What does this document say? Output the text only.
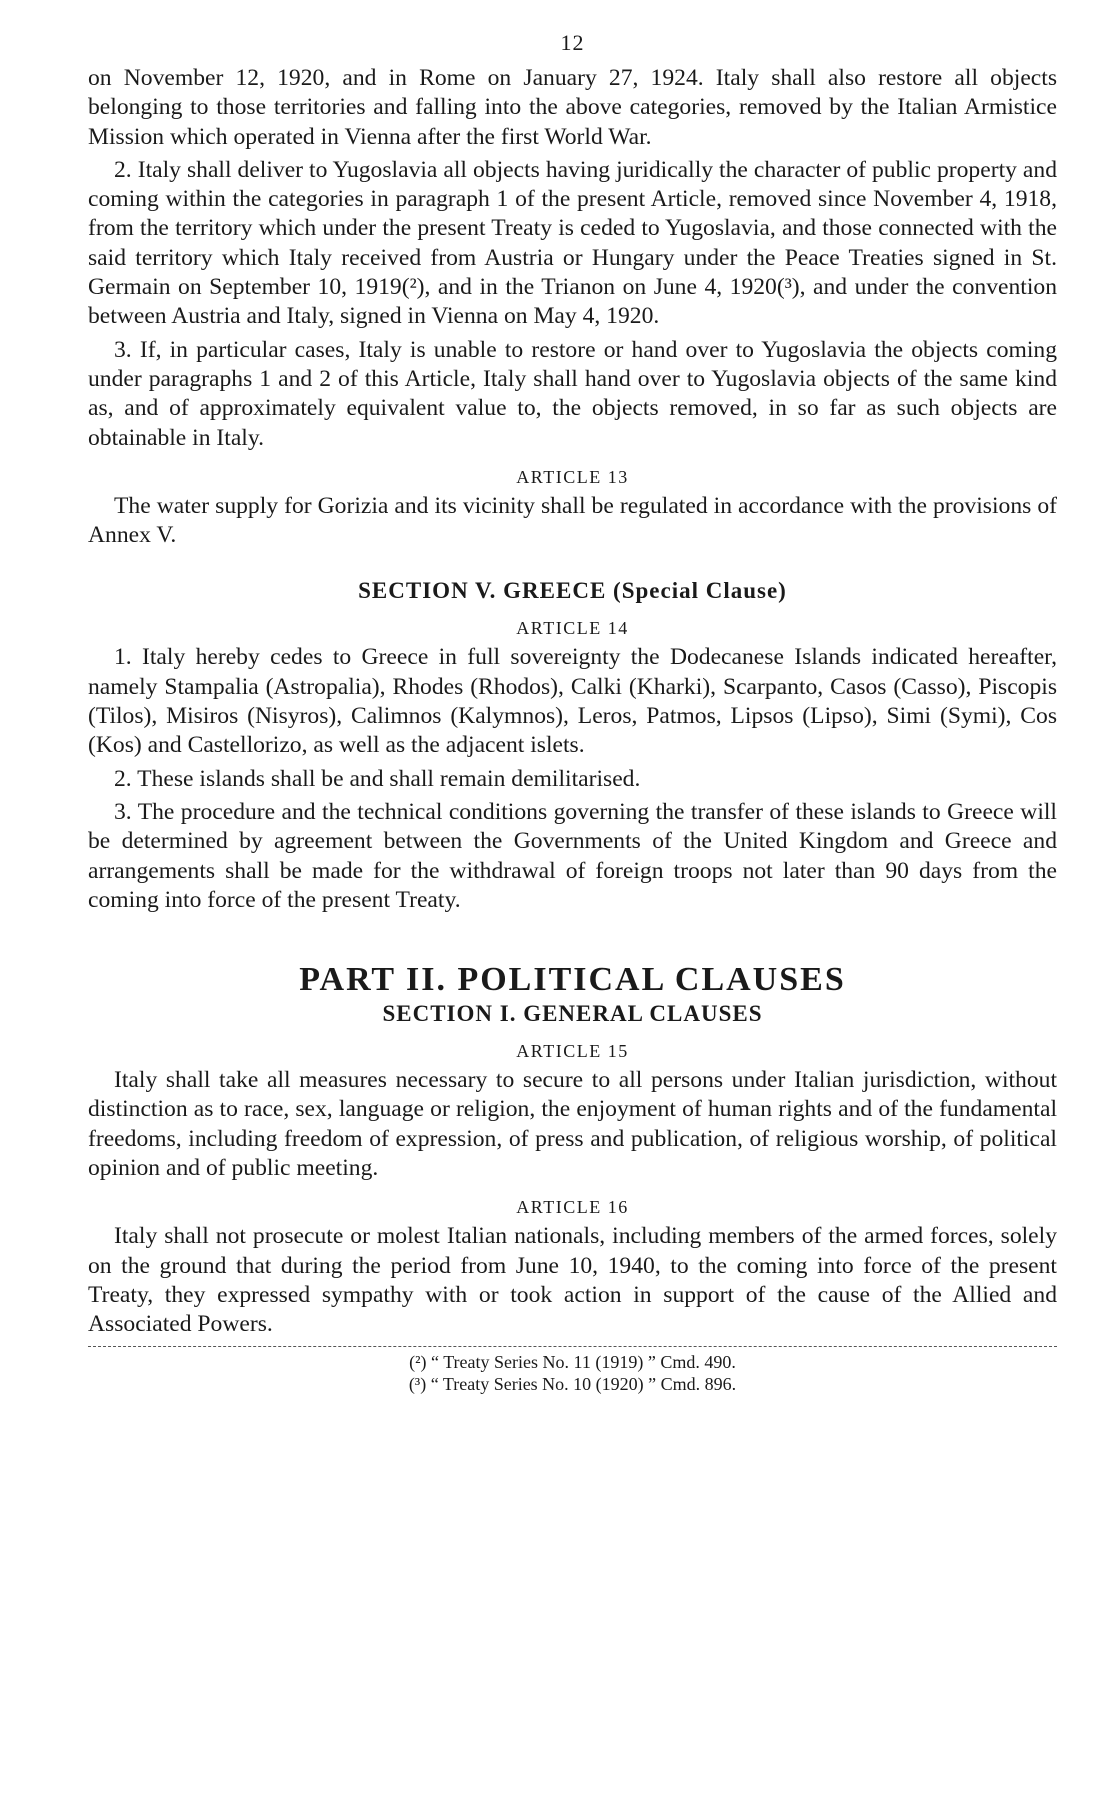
12

on November 12, 1920, and in Rome on January 27, 1924. Italy shall also restore all objects belonging to those territories and falling into the above categories, removed by the Italian Armistice Mission which operated in Vienna after the first World War.

2. Italy shall deliver to Yugoslavia all objects having juridically the character of public property and coming within the categories in paragraph 1 of the present Article, removed since November 4, 1918, from the territory which under the present Treaty is ceded to Yugoslavia, and those connected with the said territory which Italy received from Austria or Hungary under the Peace Treaties signed in St. Germain on September 10, 1919(²), and in the Trianon on June 4, 1920(³), and under the convention between Austria and Italy, signed in Vienna on May 4, 1920.

3. If, in particular cases, Italy is unable to restore or hand over to Yugoslavia the objects coming under paragraphs 1 and 2 of this Article, Italy shall hand over to Yugoslavia objects of the same kind as, and of approximately equivalent value to, the objects removed, in so far as such objects are obtainable in Italy.

ARTICLE 13

The water supply for Gorizia and its vicinity shall be regulated in accordance with the provisions of Annex V.

SECTION V. GREECE (Special Clause)
ARTICLE 14

1. Italy hereby cedes to Greece in full sovereignty the Dodecanese Islands indicated hereafter, namely Stampalia (Astropalia), Rhodes (Rhodos), Calki (Kharki), Scarpanto, Casos (Casso), Piscopis (Tilos), Misiros (Nisyros), Calimnos (Kalymnos), Leros, Patmos, Lipsos (Lipso), Simi (Symi), Cos (Kos) and Castellorizo, as well as the adjacent islets.

2. These islands shall be and shall remain demilitarised.

3. The procedure and the technical conditions governing the transfer of these islands to Greece will be determined by agreement between the Governments of the United Kingdom and Greece and arrangements shall be made for the withdrawal of foreign troops not later than 90 days from the coming into force of the present Treaty.

PART II. POLITICAL CLAUSES
SECTION I. GENERAL CLAUSES
ARTICLE 15

Italy shall take all measures necessary to secure to all persons under Italian jurisdiction, without distinction as to race, sex, language or religion, the enjoyment of human rights and of the fundamental freedoms, including freedom of expression, of press and publication, of religious worship, of political opinion and of public meeting.

ARTICLE 16

Italy shall not prosecute or molest Italian nationals, including members of the armed forces, solely on the ground that during the period from June 10, 1940, to the coming into force of the present Treaty, they expressed sympathy with or took action in support of the cause of the Allied and Associated Powers.

(²) “ Treaty Series No. 11 (1919) ” Cmd. 490.

(³) “ Treaty Series No. 10 (1920) ” Cmd. 896.
